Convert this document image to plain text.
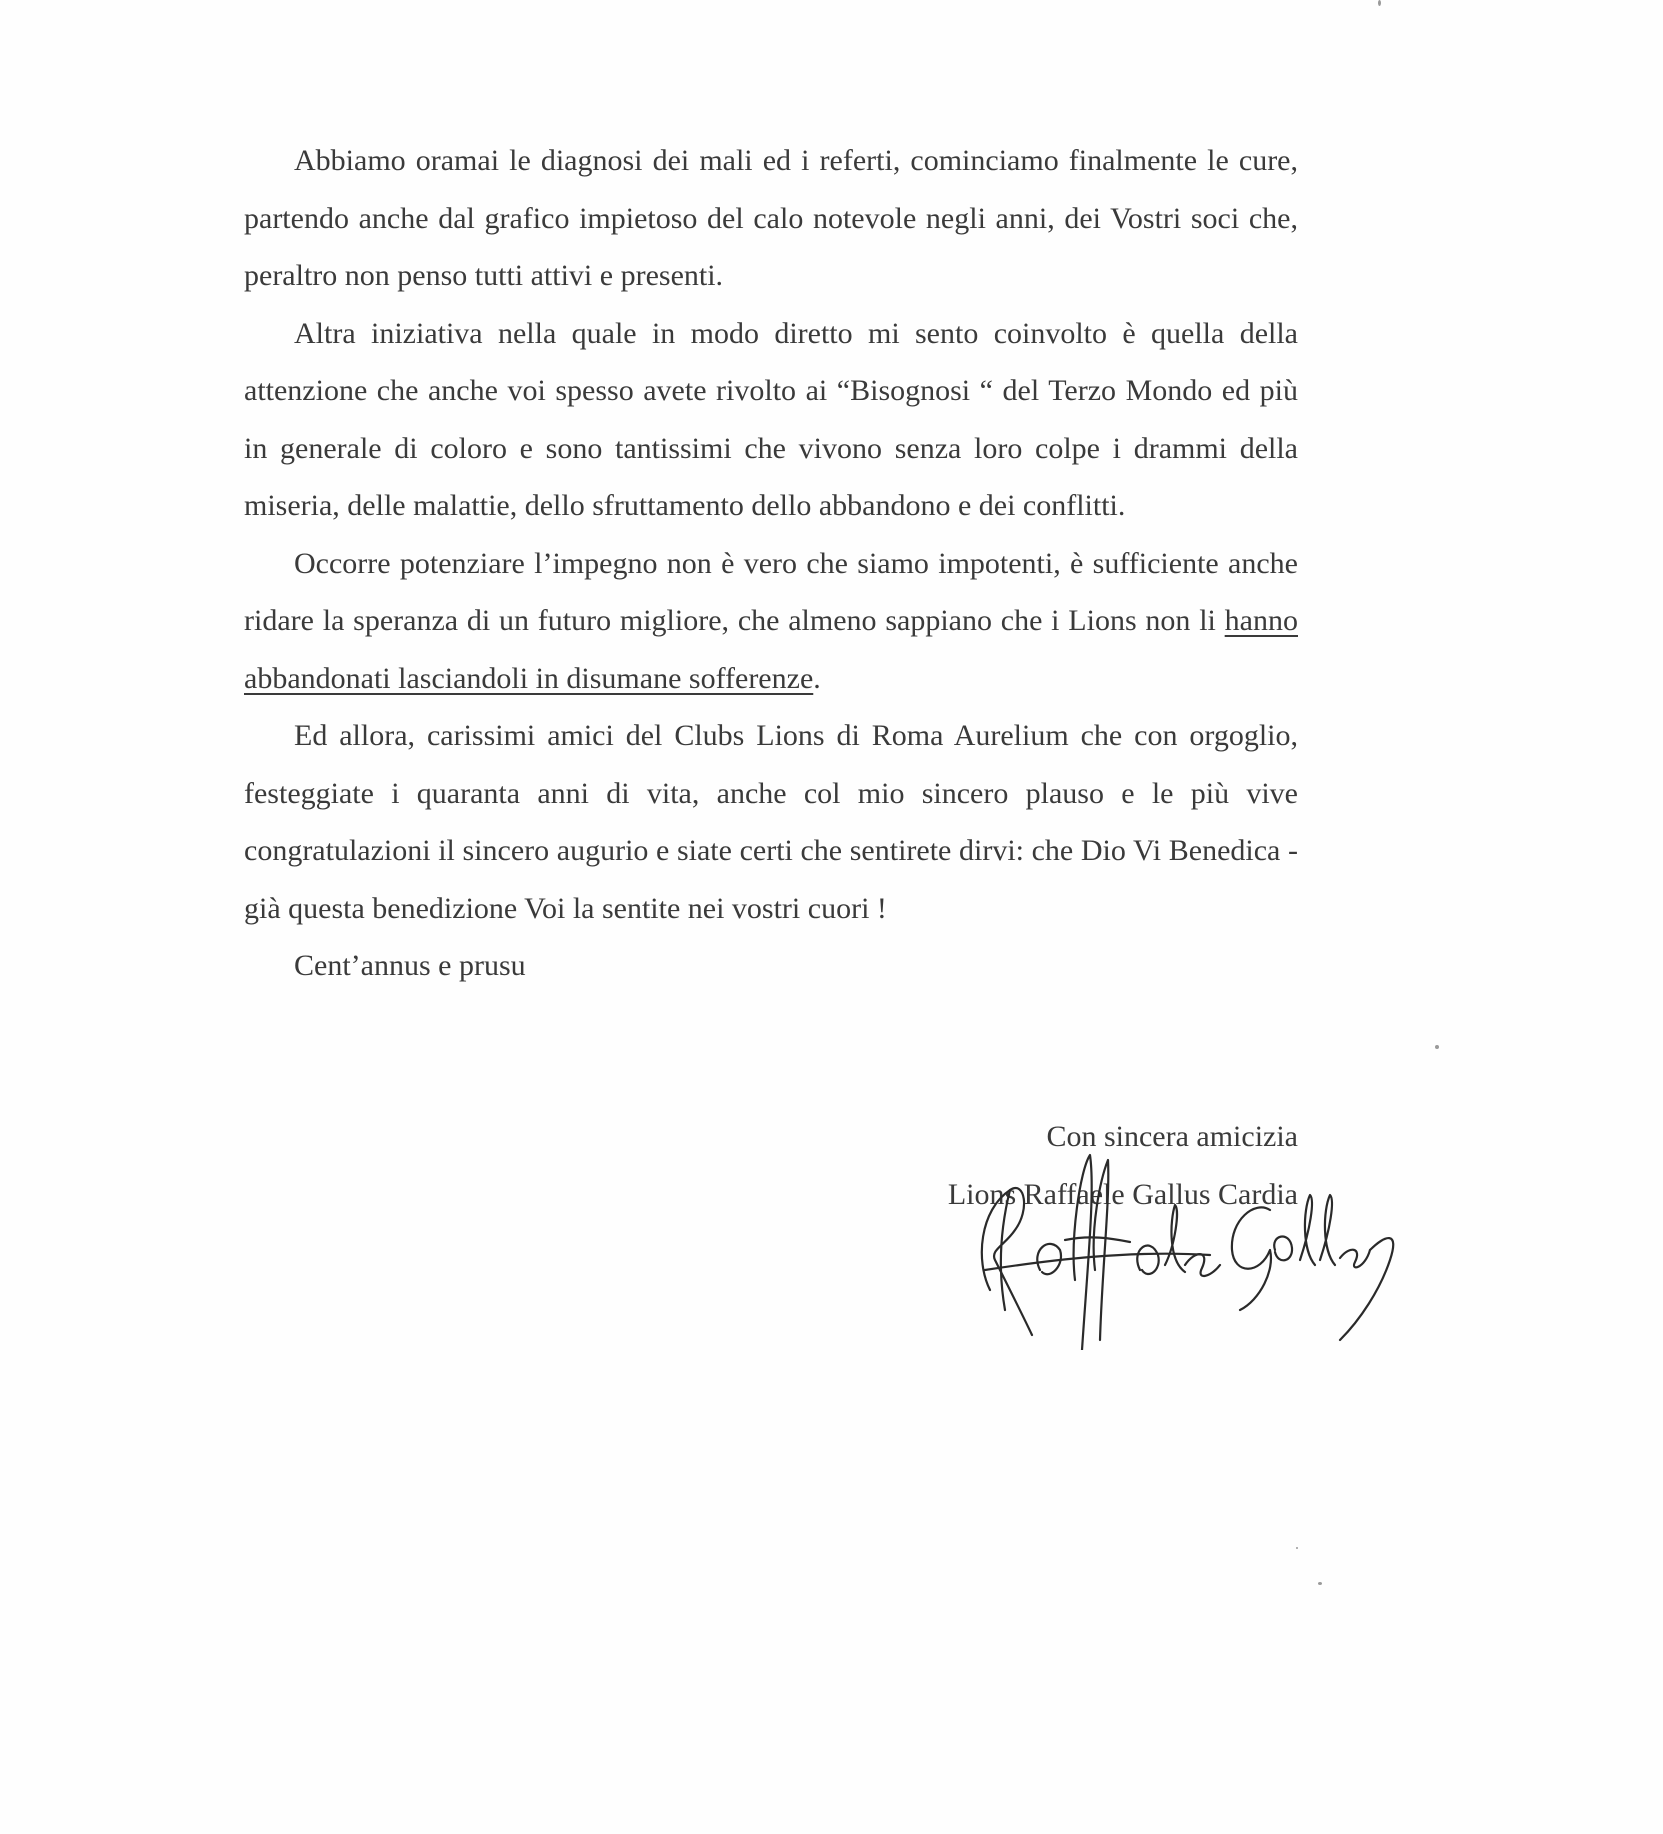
Abbiamo oramai le diagnosi dei mali ed i referti, cominciamo finalmente le cure, partendo anche dal grafico impietoso del calo notevole negli anni, dei Vostri soci che, peraltro non penso tutti attivi e presenti.

Altra iniziativa nella quale in modo diretto mi sento coinvolto è quella della attenzione che anche voi spesso avete rivolto ai “Bisognosi “ del Terzo Mondo ed più in generale di coloro e sono tantissimi che vivono senza loro colpe i drammi della miseria, delle malattie, dello sfruttamento dello abbandono e dei conflitti.

Occorre potenziare l’impegno non è vero che siamo impotenti, è sufficiente anche ridare la speranza di un futuro migliore, che almeno sappiano che i Lions non li hanno abbandonati lasciandoli in disumane sofferenze.

Ed allora, carissimi amici del Clubs Lions di Roma Aurelium che con orgoglio, festeggiate i quaranta anni di vita, anche col mio sincero plauso e le più vive congratulazioni il sincero augurio e siate certi che sentirete dirvi: che Dio Vi Benedica - già questa benedizione Voi la sentite nei vostri cuori !

Cent’annus e prusu

Con sincera amicizia
Lions Raffaele Gallus Cardia
